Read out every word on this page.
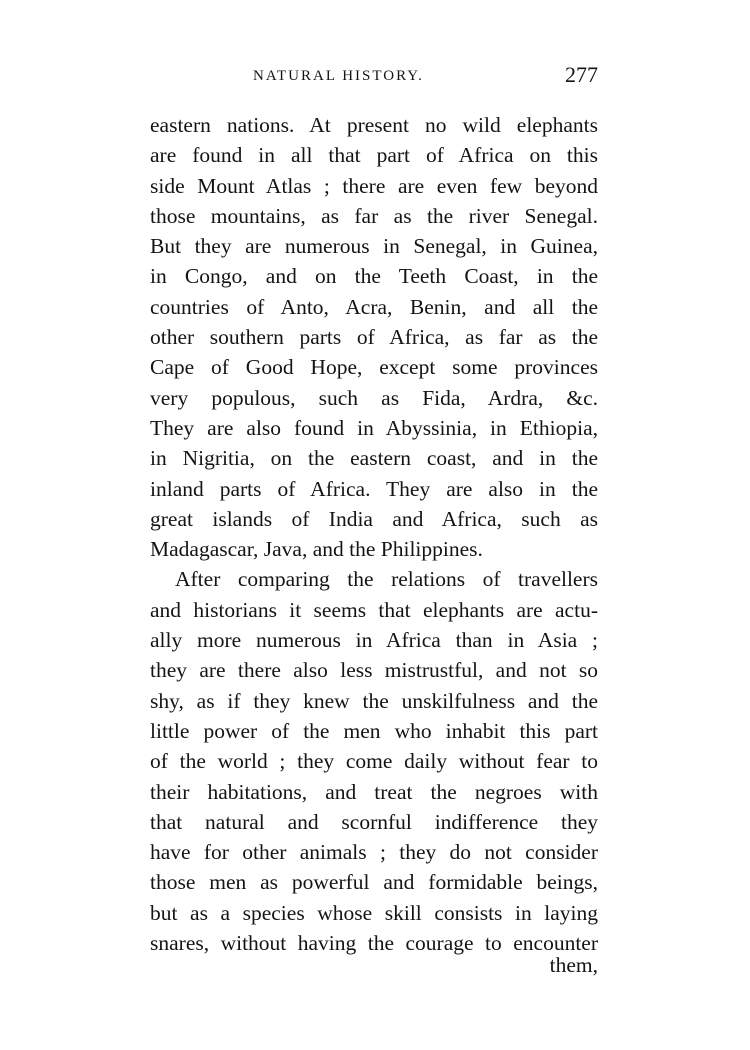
NATURAL HISTORY.	277
eastern nations. At present no wild elephants
are found in all that part of Africa on this
side Mount Atlas ; there are even few beyond
those mountains, as far as the river Senegal.
But they are numerous in Senegal, in Guinea,
in Congo, and on the Teeth Coast, in the
countries of Anto, Acra, Benin, and all the
other southern parts of Africa, as far as the
Cape of Good Hope, except some provinces
very populous, such as Fida, Ardra, &c.
They are also found in Abyssinia, in Ethiopia,
in Nigritia, on the eastern coast, and in the
inland parts of Africa. They are also in the
great islands of India and Africa, such as
Madagascar, Java, and the Philippines.
After comparing the relations of travellers
and historians it seems that elephants are actu-
ally more numerous in Africa than in Asia ;
they are there also less mistrustful, and not so
shy, as if they knew the unskilfulness and the
little power of the men who inhabit this part
of the world ; they come daily without fear to
their habitations, and treat the negroes with
that natural and scornful indifference they
have for other animals ; they do not consider
those men as powerful and formidable beings,
but as a species whose skill consists in laying
snares, without having the courage to encounter
them,
